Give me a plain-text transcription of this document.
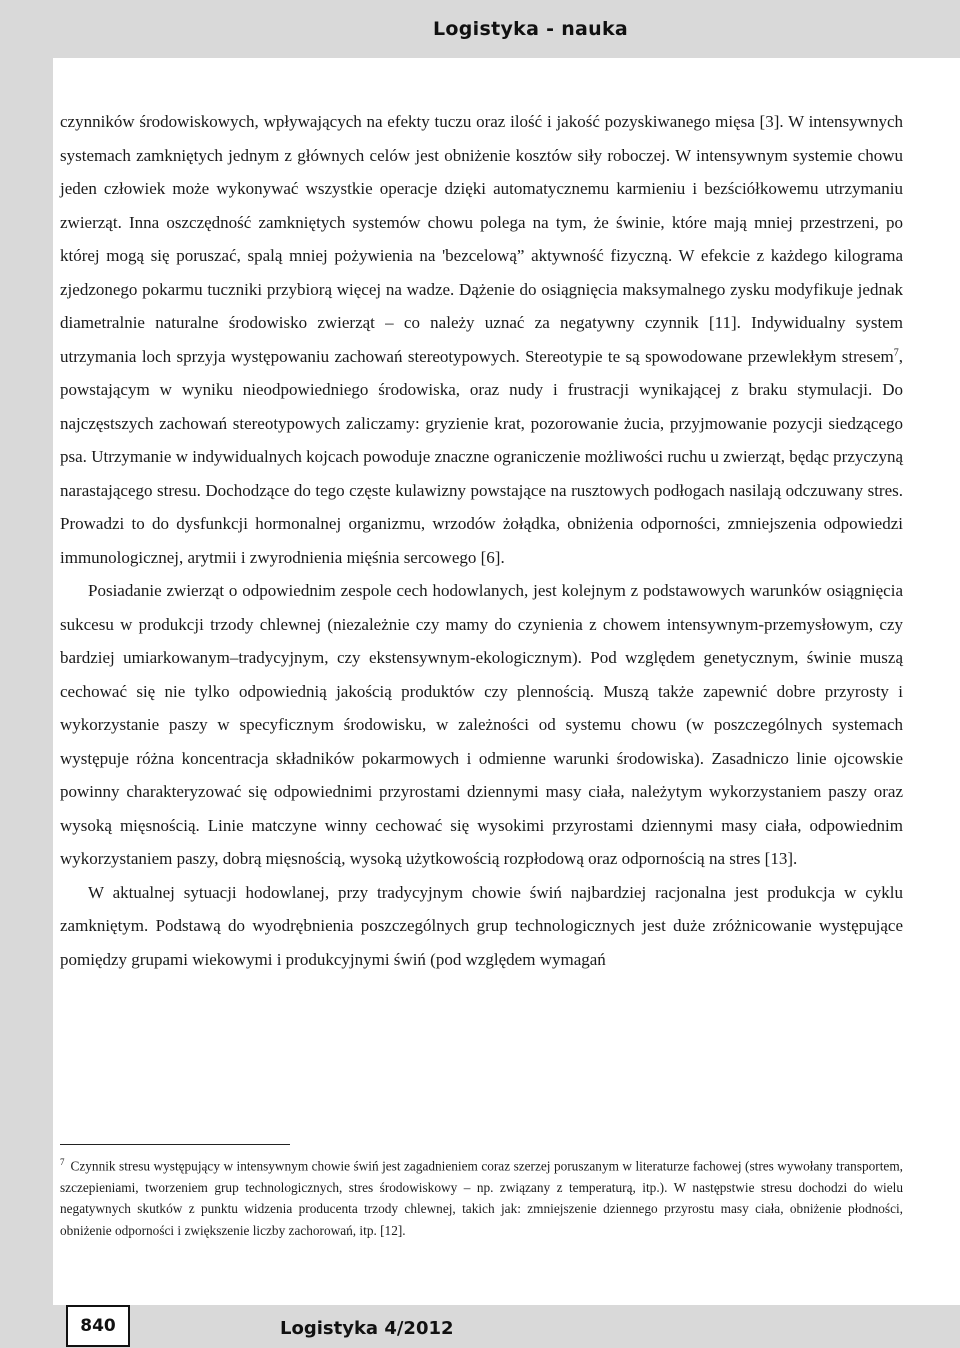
Logistyka - nauka

czynników środowiskowych, wpływających na efekty tuczu oraz ilość i jakość pozyskiwanego mięsa [3]. W intensywnych systemach zamkniętych jednym z głównych celów jest obniżenie kosztów siły roboczej. W intensywnym systemie chowu jeden człowiek może wykonywać wszystkie operacje dzięki automatycznemu karmieniu i bezściółkowemu utrzymaniu zwierząt. Inna oszczędność zamkniętych systemów chowu polega na tym, że świnie, które mają mniej przestrzeni, po której mogą się poruszać, spalą mniej pożywienia na 'bezcelową” aktywność fizyczną. W efekcie z każdego kilograma zjedzonego pokarmu tuczniki przybiorą więcej na wadze. Dążenie do osiągnięcia maksymalnego zysku modyfikuje jednak diametralnie naturalne środowisko zwierząt – co należy uznać za negatywny czynnik [11]. Indywidualny system utrzymania loch sprzyja występowaniu zachowań stereotypowych. Stereotypie te są spowodowane przewlekłym stresem$^7$, powstającym w wyniku nieodpowiedniego środowiska, oraz nudy i frustracji wynikającej z braku stymulacji. Do najczęstszych zachowań stereotypowych zaliczamy: gryzienie krat, pozorowanie żucia, przyjmowanie pozycji siedzącego psa. Utrzymanie w indywidualnych kojcach powoduje znaczne ograniczenie możliwości ruchu u zwierząt, będąc przyczyną narastającego stresu. Dochodzące do tego częste kulawizny powstające na rusztowych podłogach nasilają odczuwany stres. Prowadzi to do dysfunkcji hormonalnej organizmu, wrzodów żołądka, obniżenia odporności, zmniejszenia odpowiedzi immunologicznej, arytmii i zwyrodnienia mięśnia sercowego [6].

Posiadanie zwierząt o odpowiednim zespole cech hodowlanych, jest kolejnym z podstawowych warunków osiągnięcia sukcesu w produkcji trzody chlewnej (niezależnie czy mamy do czynienia z chowem intensywnym-przemysłowym, czy bardziej umiarkowanym–tradycyjnym, czy ekstensywnym-ekologicznym). Pod względem genetycznym, świnie muszą cechować się nie tylko odpowiednią jakością produktów czy plennością. Muszą także zapewnić dobre przyrosty i wykorzystanie paszy w specyficznym środowisku, w zależności od systemu chowu (w poszczególnych systemach występuje różna koncentracja składników pokarmowych i odmienne warunki środowiska). Zasadniczo linie ojcowskie powinny charakteryzować się odpowiednimi przyrostami dziennymi masy ciała, należytym wykorzystaniem paszy oraz wysoką mięsnością. Linie matczyne winny cechować się wysokimi przyrostami dziennymi masy ciała, odpowiednim wykorzystaniem paszy, dobrą mięsnością, wysoką użytkowością rozpłodową oraz odpornością na stres [13].

W aktualnej sytuacji hodowlanej, przy tradycyjnym chowie świń najbardziej racjonalna jest produkcja w cyklu zamkniętym. Podstawą do wyodrębnienia poszczególnych grup technologicznych jest duże zróżnicowanie występujące pomiędzy grupami wiekowymi i produkcyjnymi świń (pod względem wymagań

$^7$ Czynnik stresu występujący w intensywnym chowie świń jest zagadnieniem coraz szerzej poruszanym w literaturze fachowej (stres wywołany transportem, szczepieniami, tworzeniem grup technologicznych, stres środowiskowy – np. związany z temperaturą, itp.). W następstwie stresu dochodzi do wielu negatywnych skutków z punktu widzenia producenta trzody chlewnej, takich jak: zmniejszenie dziennego przyrostu masy ciała, obniżenie płodności, obniżenie odporności i zwiększenie liczby zachorowań, itp. [12].
840	Logistyka 4/2012
